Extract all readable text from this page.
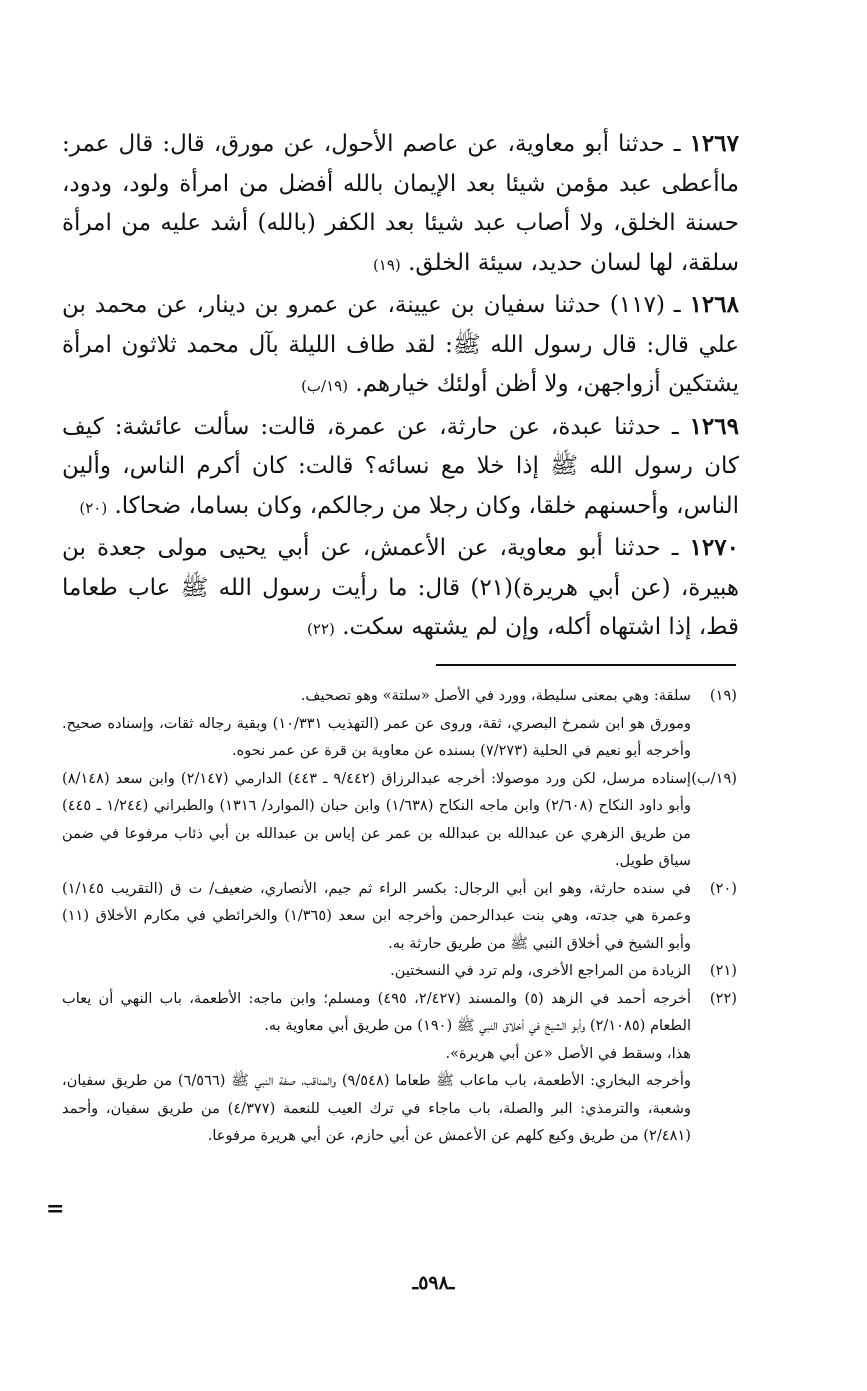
١٢٦٧ ـ حدثنا أبو معاوية، عن عاصم الأحول، عن مورق، قال: قال عمر: ماأعطى عبد مؤمن شيئا بعد الإيمان بالله أفضل من امرأة ولود، ودود، حسنة الخلق، ولا أصاب عبد شيئا بعد الكفر (بالله) أشد عليه من امرأة سلقة، لها لسان حديد، سيئة الخلق. (١٩)

١٢٦٨ ـ (١١٧) حدثنا سفيان بن عيينة، عن عمرو بن دينار، عن محمد بن علي قال: قال رسول الله ﷺ: لقد طاف الليلة بآل محمد ثلاثون امرأة يشتكين أزواجهن، ولا أظن أولئك خيارهم. (١٩/ب)

١٢٦٩ ـ حدثنا عبدة، عن حارثة، عن عمرة، قالت: سألت عائشة: كيف كان رسول الله ﷺ إذا خلا مع نسائه؟ قالت: كان أكرم الناس، وألين الناس، وأحسنهم خلقا، وكان رجلا من رجالكم، وكان بساما، ضحاكا. (٢٠)

١٢٧٠ ـ حدثنا أبو معاوية، عن الأعمش، عن أبي يحيى مولى جعدة بن هبيرة، (عن أبي هريرة)(٢١) قال: ما رأيت رسول الله ﷺ عاب طعاما قط، إذا اشتهاه أكله، وإن لم يشتهه سكت. (٢٢)

(١٩)

سلقة: وهي بمعنى سليطة، وورد في الأصل «سلتة» وهو تصحيف.

ومورق هو ابن شمرخ البصري، ثقة، وروى عن عمر (التهذيب ١٠/٣٣١) وبقية رجاله ثقات، وإسناده صحيح. وأخرجه أبو نعيم في الحلية (٧/٢٧٣) بسنده عن معاوية بن قرة عن عمر نحوه.

(١٩/ب)

إسناده مرسل، لكن ورد موصولا: أخرجه عبدالرزاق (٩/٤٤٢ ـ ٤٤٣) الدارمي (٢/١٤٧) وابن سعد (٨/١٤٨) وأبو داود النكاح (٢/٦٠٨) وابن ماجه النكاح (١/٦٣٨) وابن حبان (الموارد/ ١٣١٦) والطبراني (١/٢٤٤ ـ ٤٤٥) من طريق الزهري عن عبدالله بن عبدالله بن عمر عن إياس بن عبدالله بن أبي ذئاب مرفوعا في ضمن سياق طويل.

(٢٠)

في سنده حارثة، وهو ابن أبي الرجال: بكسر الراء ثم جيم، الأنصاري، ضعيف/ ت ق (التقريب ١/١٤٥) وعمرة هي جدته، وهي بنت عبدالرحمن وأخرجه ابن سعد (١/٣٦٥) والخرائطي في مكارم الأخلاق (١١) وأبو الشيخ في أخلاق النبي ﷺ من طريق حارثة به.

(٢١)

الزيادة من المراجع الأخرى، ولم ترد في النسختين.

(٢٢)

أخرجه أحمد في الزهد (٥) والمسند (٢/٤٢٧، ٤٩٥) ومسلم؛ وابن ماجه: الأطعمة، باب النهي أن يعاب الطعام (٢/١٠٨٥) وأبو الشيخ في أخلاق النبي ﷺ (١٩٠) من طريق أبي معاوية به.

هذا، وسقط في الأصل «عن أبي هريرة».

وأخرجه البخاري: الأطعمة، باب ماعاب ﷺ طعاما (٩/٥٤٨) والمناقب، صفة النبي ﷺ (٦/٥٦٦) من طريق سفيان، وشعبة، والترمذي: البر والصلة، باب ماجاء في ترك العيب للنعمة (٤/٣٧٧) من طريق سفيان، وأحمد (٢/٤٨١) من طريق وكيع كلهم عن الأعمش عن أبي حازم، عن أبي هريرة مرفوعا.

=
ـ٥٩٨ـ
